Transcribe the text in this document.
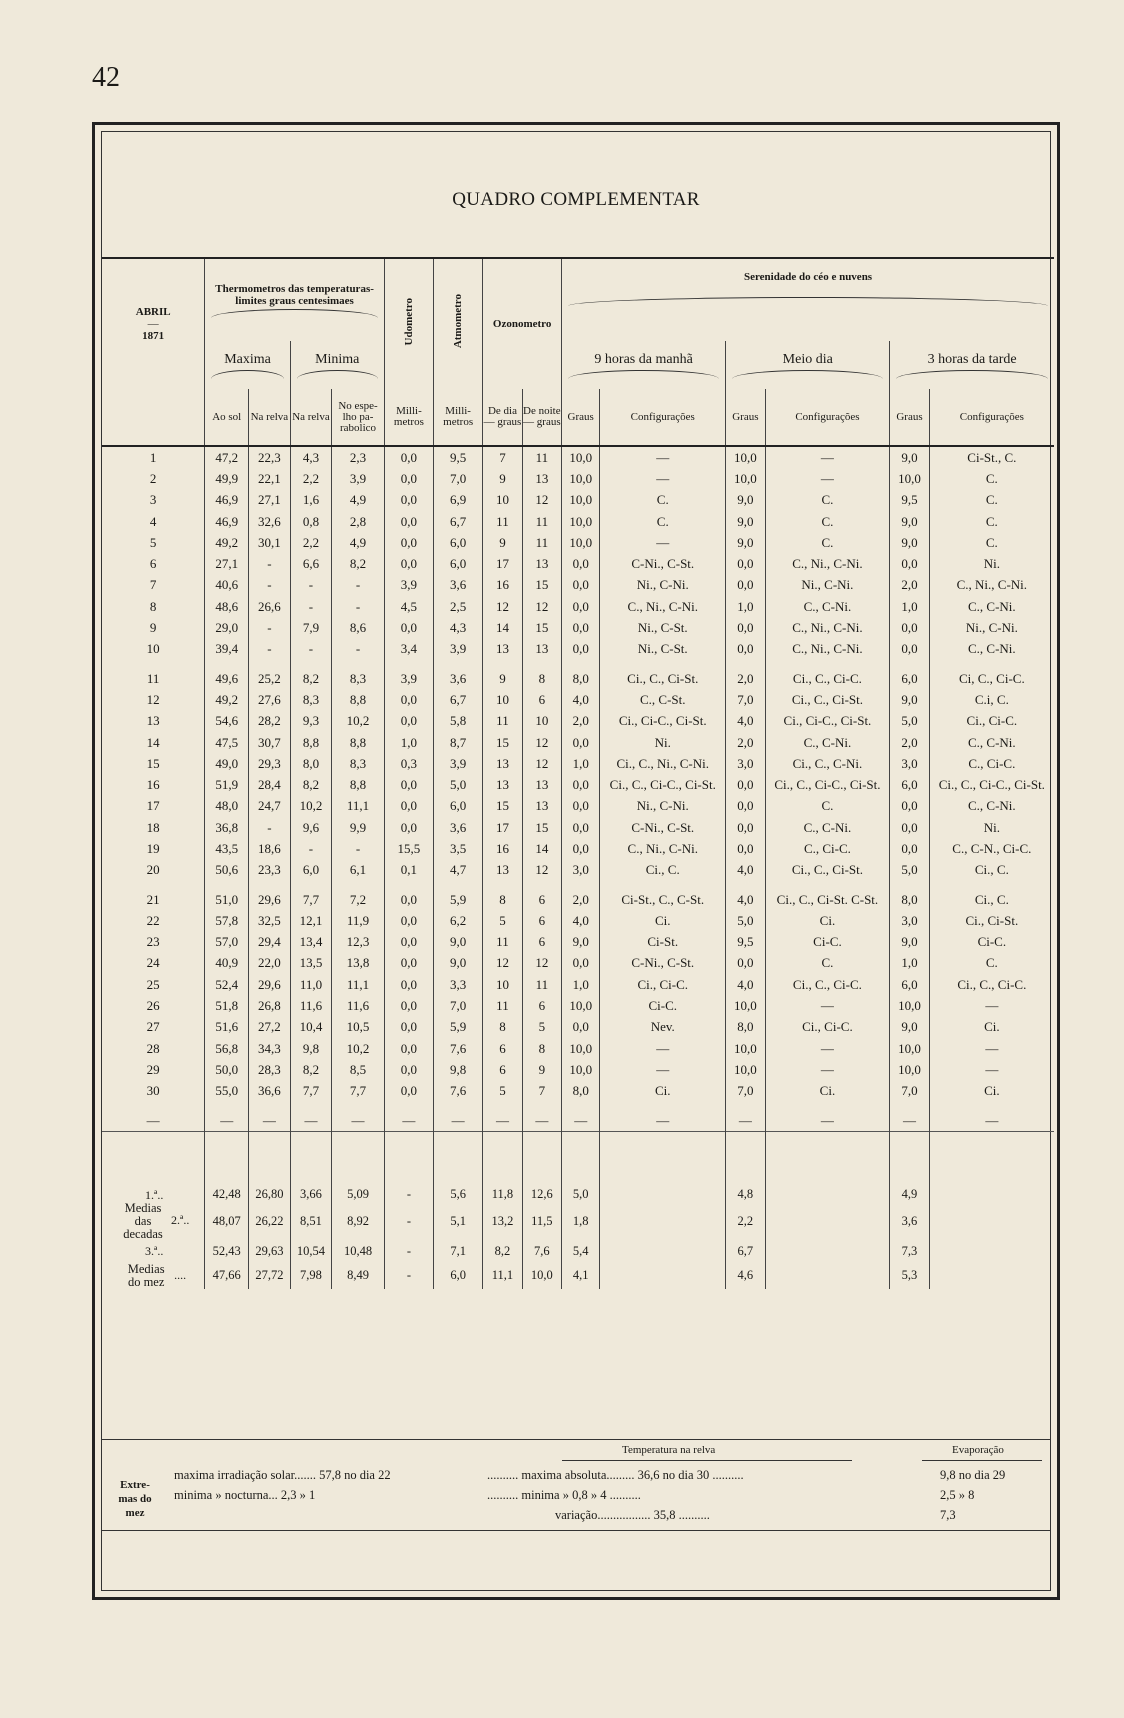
42
QUADRO COMPLEMENTAR
ABRIL
—
1871	Thermometros das temperaturas-limites graus centesimaes				Udometro	Atmometro	Ozonometro		Serenidade do céo e nuvens					

	Maxima		Minima						9 horas da manhã		Meio dia		3 horas da tarde	

	Ao sol	Na relva	Na relva	No espe- lho pa- rabolico	Milli- metros	Milli- metros	De dia — graus	De noite — graus	Graus	Configurações	Graus	Configurações	Graus	Configurações
1	47,2	22,3	4,3	2,3	0,0	9,5	7	11	10,0	—	10,0	—	9,0	Ci-St., C.
2	49,9	22,1	2,2	3,9	0,0	7,0	9	13	10,0	—	10,0	—	10,0	C.
3	46,9	27,1	1,6	4,9	0,0	6,9	10	12	10,0	C.	9,0	C.	9,5	C.
4	46,9	32,6	0,8	2,8	0,0	6,7	11	11	10,0	C.	9,0	C.	9,0	C.
5	49,2	30,1	2,2	4,9	0,0	6,0	9	11	10,0	—	9,0	C.	9,0	C.
6	27,1	-	6,6	8,2	0,0	6,0	17	13	0,0	C-Ni., C-St.	0,0	C., Ni., C-Ni.	0,0	Ni.
7	40,6	-	-	-	3,9	3,6	16	15	0,0	Ni., C-Ni.	0,0	Ni., C-Ni.	2,0	C., Ni., C-Ni.
8	48,6	26,6	-	-	4,5	2,5	12	12	0,0	C., Ni., C-Ni.	1,0	C., C-Ni.	1,0	C., C-Ni.
9	29,0	-	7,9	8,6	0,0	4,3	14	15	0,0	Ni., C-St.	0,0	C., Ni., C-Ni.	0,0	Ni., C-Ni.
10	39,4	-	-	-	3,4	3,9	13	13	0,0	Ni., C-St.	0,0	C., Ni., C-Ni.	0,0	C., C-Ni.

11	49,6	25,2	8,2	8,3	3,9	3,6	9	8	8,0	Ci., C., Ci-St.	2,0	Ci., C., Ci-C.	6,0	Ci, C., Ci-C.
12	49,2	27,6	8,3	8,8	0,0	6,7	10	6	4,0	C., C-St.	7,0	Ci., C., Ci-St.	9,0	C.i, C.
13	54,6	28,2	9,3	10,2	0,0	5,8	11	10	2,0	Ci., Ci-C., Ci-St.	4,0	Ci., Ci-C., Ci-St.	5,0	Ci., Ci-C.
14	47,5	30,7	8,8	8,8	1,0	8,7	15	12	0,0	Ni.	2,0	C., C-Ni.	2,0	C., C-Ni.
15	49,0	29,3	8,0	8,3	0,3	3,9	13	12	1,0	Ci., C., Ni., C-Ni.	3,0	Ci., C., C-Ni.	3,0	C., Ci-C.
16	51,9	28,4	8,2	8,8	0,0	5,0	13	13	0,0	Ci., C., Ci-C., Ci-St.	0,0	Ci., C., Ci-C., Ci-St.	6,0	Ci., C., Ci-C., Ci-St.
17	48,0	24,7	10,2	11,1	0,0	6,0	15	13	0,0	Ni., C-Ni.	0,0	C.	0,0	C., C-Ni.
18	36,8	-	9,6	9,9	0,0	3,6	17	15	0,0	C-Ni., C-St.	0,0	C., C-Ni.	0,0	Ni.
19	43,5	18,6	-	-	15,5	3,5	16	14	0,0	C., Ni., C-Ni.	0,0	C., Ci-C.	0,0	C., C-N., Ci-C.
20	50,6	23,3	6,0	6,1	0,1	4,7	13	12	3,0	Ci., C.	4,0	Ci., C., Ci-St.	5,0	Ci., C.

21	51,0	29,6	7,7	7,2	0,0	5,9	8	6	2,0	Ci-St., C., C-St.	4,0	Ci., C., Ci-St. C-St.	8,0	Ci., C.
22	57,8	32,5	12,1	11,9	0,0	6,2	5	6	4,0	Ci.	5,0	Ci.	3,0	Ci., Ci-St.
23	57,0	29,4	13,4	12,3	0,0	9,0	11	6	9,0	Ci-St.	9,5	Ci-C.	9,0	Ci-C.
24	40,9	22,0	13,5	13,8	0,0	9,0	12	12	0,0	C-Ni., C-St.	0,0	C.	1,0	C.
25	52,4	29,6	11,0	11,1	0,0	3,3	10	11	1,0	Ci., Ci-C.	4,0	Ci., C., Ci-C.	6,0	Ci., C., Ci-C.
26	51,8	26,8	11,6	11,6	0,0	7,0	11	6	10,0	Ci-C.	10,0	—	10,0	—
27	51,6	27,2	10,4	10,5	0,0	5,9	8	5	0,0	Nev.	8,0	Ci., Ci-C.	9,0	Ci.
28	56,8	34,3	9,8	10,2	0,0	7,6	6	8	10,0	—	10,0	—	10,0	—
29	50,0	28,3	8,2	8,5	0,0	9,8	6	9	10,0	—	10,0	—	10,0	—
30	55,0	36,6	7,7	7,7	0,0	7,6	5	7	8,0	Ci.	7,0	Ci.	7,0	Ci.

—	—	—	—	—	—	—	—	—	—	—	—	—	—	—
1.ª..	42,48	26,80	3,66	5,09	-	5,6	11,8	12,6	5,0		4,8		4,9	
Medias das decadas2.ª..	48,07	26,22	8,51	8,92	-	5,1	13,2	11,5	1,8		2,2		3,6	
3.ª..	52,43	29,63	10,54	10,48	-	7,1	8,2	7,6	5,4		6,7		7,3	
Medias do mez....	47,66	27,72	7,98	8,49	-	6,0	11,1	10,0	4,1		4,6		5,3	
Extre- mas do mez
Temperatura na relva	Evaporação
maxima irradiação solar....... 57,8 no dia 22
minima » nocturna... 2,3 » 1
.......... maxima absoluta......... 36,6 no dia 30 ..........
.......... minima » 0,8 » 4 ..........
variação................. 35,8 ..........
9,8 no dia 29
2,5 » 8
7,3
